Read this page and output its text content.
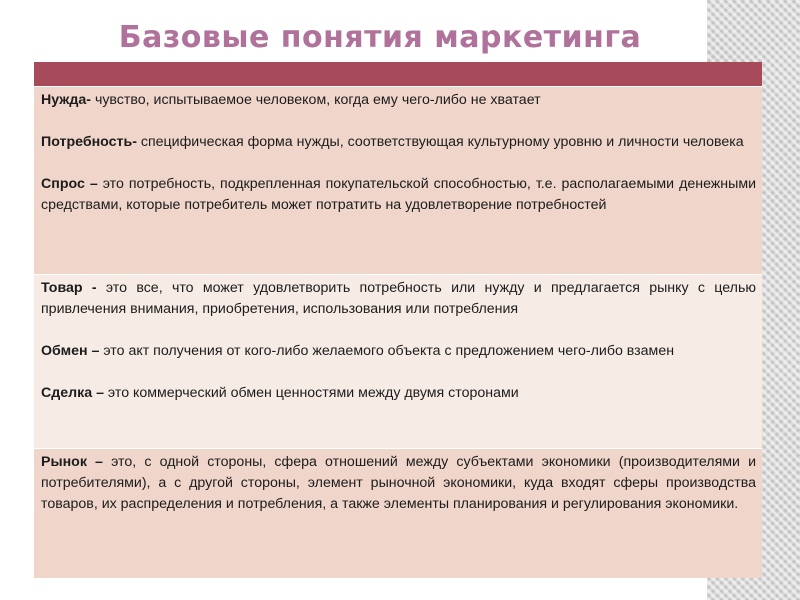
Базовые понятия маркетинга
Нужда- чувство, испытываемое человеком, когда ему чего-либо не хватает
Потребность- специфическая форма нужды, соответствующая культурному уровню и личности человека
Спрос – это потребность, подкрепленная покупательской способностью, т.е. располагаемыми денежными средствами, которые потребитель может потратить на удовлетворение потребностей
Товар - это все, что может удовлетворить потребность или нужду и предлагается рынку с целью привлечения внимания, приобретения, использования или потребления
Обмен – это акт получения от кого-либо желаемого объекта с предложением чего-либо взамен
Сделка – это коммерческий обмен ценностями между двумя сторонами
Рынок – это, с одной стороны, сфера отношений между субъектами экономики (производителями и потребителями), а с другой стороны, элемент рыночной экономики, куда входят сферы производства товаров, их распределения и потребления, а также элементы планирования и регулирования экономики.
